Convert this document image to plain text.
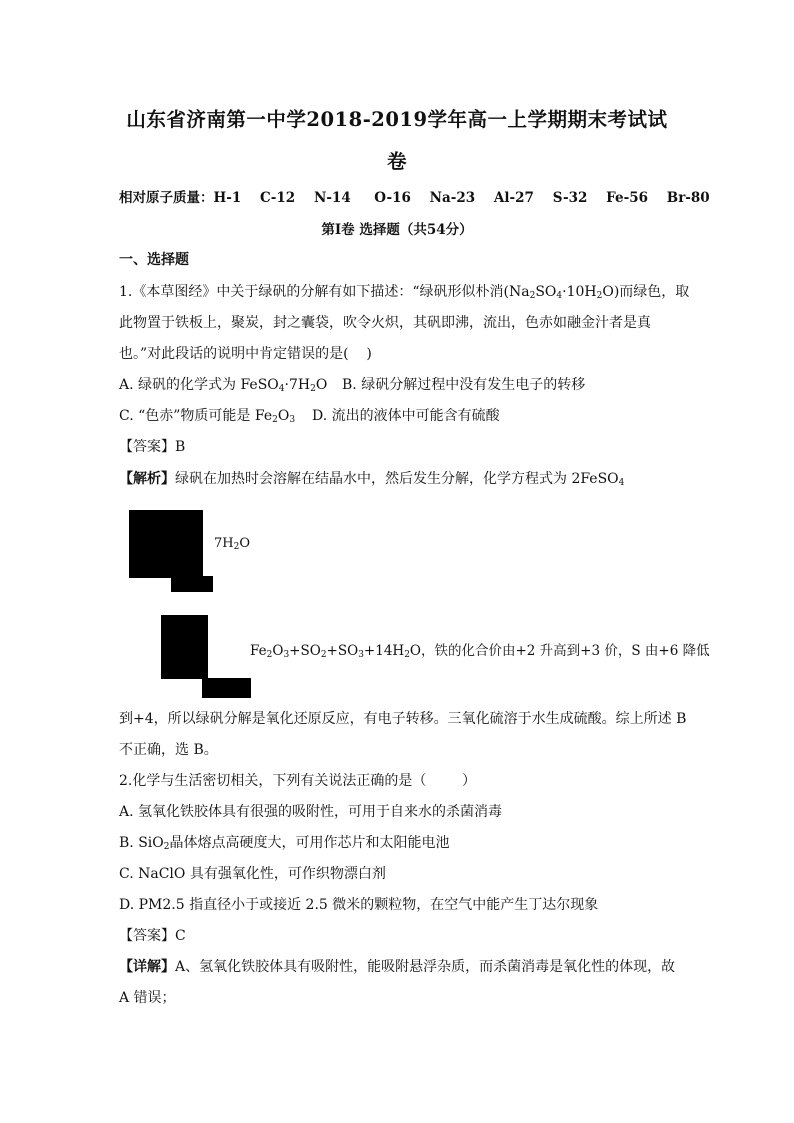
山东省济南第一中学2018-2019学年高一上学期期末考试试
卷
相对原子质量：H-1    C-12    N-14     O-16    Na-23    Al-27    S-32    Fe-56    Br-80
第Ⅰ卷 选择题（共54分）
一、选择题
1.《本草图经》中关于绿矾的分解有如下描述：“绿矾形似朴消$(Na_2SO_4\cdot 10H_2O)$而绿色，取
此物置于铁板上，聚炭，封之囊袋，吹令火炽，其矾即沸，流出，色赤如融金汁者是真
也。”对此段话的说明中肯定错误的是(    )
A. 绿矾的化学式为 $FeSO_4\cdot 7H_2O$ B. 绿矾分解过程中没有发生电子的转移
C. “色赤”物质可能是 $Fe_2O_3$ D. 流出的液体中可能含有硫酸
【答案】B
【解析】绿矾在加热时会溶解在结晶水中，然后发生分解，化学方程式为 2FeSO$_4$
$7H_2O$
$Fe_2O_3+SO_2+SO_3+14H_2O$，铁的化合价由+2 升高到+3 价，S 由+6 降低
到+4，所以绿矾分解是氧化还原反应，有电子转移。三氧化硫溶于水生成硫酸。综上所述 B
不正确，选 B。
2.化学与生活密切相关，下列有关说法正确的是（        ）
A. 氢氧化铁胶体具有很强的吸附性，可用于自来水的杀菌消毒
B. SiO$_2$晶体熔点高硬度大，可用作芯片和太阳能电池
C. NaClO 具有强氧化性，可作织物漂白剂
D. PM2.5 指直径小于或接近 2.5 微米的颗粒物，在空气中能产生丁达尔现象
【答案】C
【详解】A、氢氧化铁胶体具有吸附性，能吸附悬浮杂质，而杀菌消毒是氧化性的体现，故
A 错误；
